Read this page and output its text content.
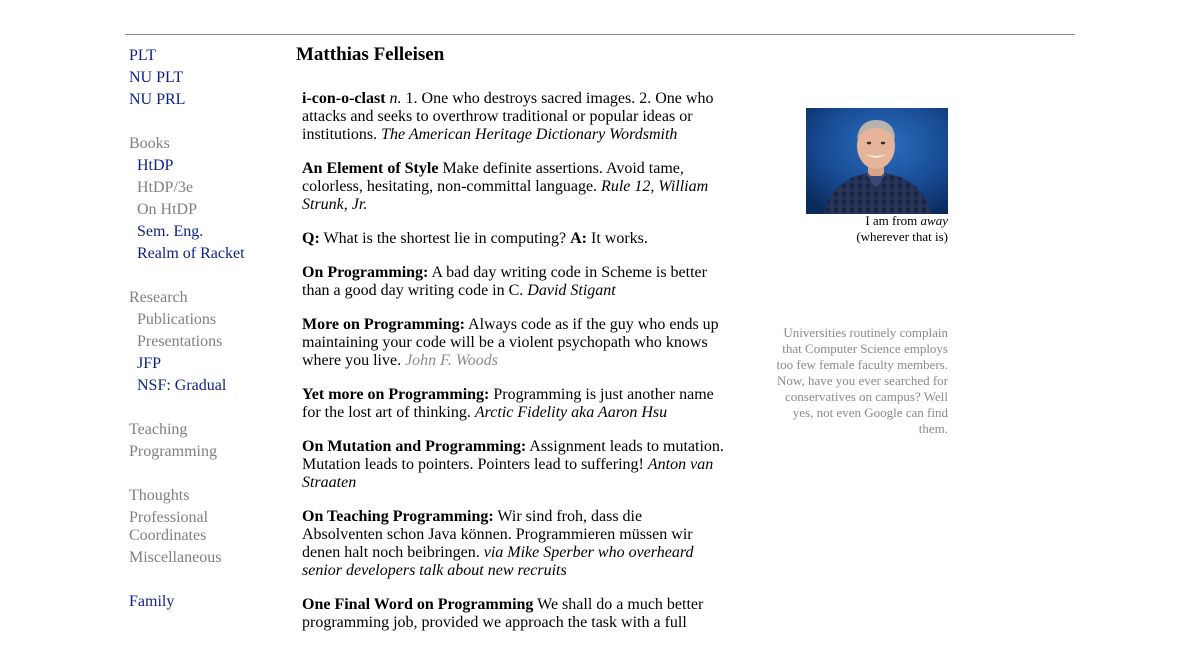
PLT
NU PLT
NU PRL
Books
HtDP
HtDP/3e
On HtDP
Sem. Eng.
Realm of Racket
Research
Publications
Presentations
JFP
NSF: Gradual
Teaching
Programming
Thoughts
Professional
Coordinates
Miscellaneous
Family
Matthias Felleisen

i-con-o-clast n. 1. One who destroys sacred images. 2. One who attacks and seeks to overthrow traditional or popular ideas or institutions. The American Heritage Dictionary Wordsmith

An Element of Style Make definite assertions. Avoid tame, colorless, hesitating, non-committal language. Rule 12, William Strunk, Jr.

Q: What is the shortest lie in computing? A: It works.

On Programming: A bad day writing code in Scheme is better than a good day writing code in C. David Stigant

More on Programming: Always code as if the guy who ends up maintaining your code will be a violent psychopath who knows where you live. John F. Woods

Yet more on Programming: Programming is just another name for the lost art of thinking. Arctic Fidelity aka Aaron Hsu

On Mutation and Programming: Assignment leads to mutation. Mutation leads to pointers. Pointers lead to suffering! Anton van Straaten

On Teaching Programming: Wir sind froh, dass die Absolventen schon Java können. Programmieren müssen wir denen halt noch beibringen. via Mike Sperber who overheard senior developers talk about new recruits

One Final Word on Programming We shall do a much better programming job, provided we approach the task with a full

I am from away
(wherever that is)
Universities routinely complain that Computer Science employs too few female faculty members. Now, have you ever searched for conservatives on campus? Well yes, not even Google can find them.
